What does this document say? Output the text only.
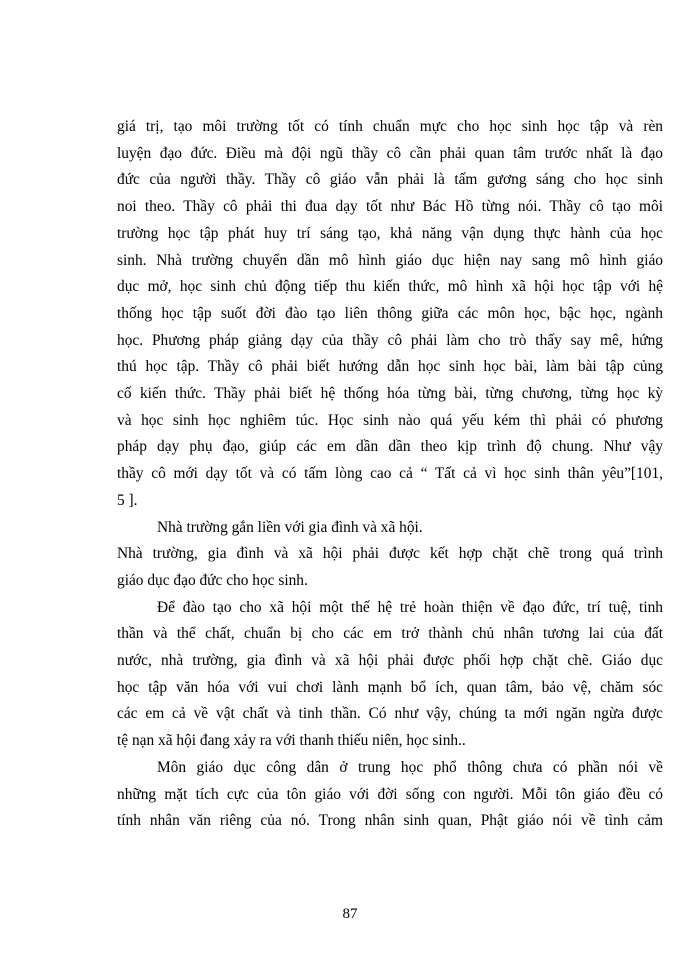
giá trị, tạo môi trường tốt có tính chuẩn mực cho học sinh học tập và rèn
luyện đạo đức. Điều mà đội ngũ thầy cô cần phải quan tâm trước nhất là đạo
đức của người thầy. Thầy cô giáo vẫn phải là tấm gương sáng cho học sinh
noi theo. Thầy cô phải thi đua dạy tốt như Bác Hồ từng nói. Thầy cô tạo môi
trường học tập phát huy trí sáng tạo, khả năng vận dụng thực hành của học
sinh. Nhà trường chuyển dần mô hình giáo dục hiện nay sang mô hình giáo
dục mở, học sinh chủ động tiếp thu kiến thức, mô hình xã hội học tập với hệ
thống học tập suốt đời đào tạo liên thông giữa các môn học, bậc học, ngành
học. Phương pháp giảng dạy của thầy cô phải làm cho trò thấy say mê, hứng
thú học tập. Thầy cô phải biết hướng dẫn học sinh học bài, làm bài tập củng
cố kiến thức. Thầy phải biết hệ thống hóa từng bài, từng chương, từng học kỳ
và học sinh học nghiêm túc. Học sinh nào quá yếu kém thì phải có phương
pháp dạy phụ đạo, giúp các em dần dần theo kịp trình độ chung. Như vậy
thầy cô mới dạy tốt và có tấm lòng cao cả “ Tất cả vì học sinh thân yêu”[101,
5 ].
Nhà trường gắn liền với gia đình và xã hội.
Nhà trường, gia đình và xã hội phải được kết hợp chặt chẽ trong quá trình
giáo dục đạo đức cho học sinh.
Để đào tạo cho xã hội một thế hệ trẻ hoàn thiện về đạo đức, trí tuệ, tinh
thần và thể chất, chuẩn bị cho các em trở thành chủ nhân tương lai của đất
nước, nhà trường, gia đình và xã hội phải được phối hợp chặt chẽ. Giáo dục
học tập văn hóa với vui chơi lành mạnh bổ ích, quan tâm, bảo vệ, chăm sóc
các em cả về vật chất và tinh thần. Có như vậy, chúng ta mới ngăn ngừa được
tệ nạn xã hội đang xảy ra với thanh thiếu niên, học sinh..
Môn giáo dục công dân ở trung học phổ thông chưa có phần nói về
những mặt tích cực của tôn giáo với đời sống con người. Mỗi tôn giáo đều có
tính nhân văn riêng của nó. Trong nhân sinh quan, Phật giáo nói về tình cảm
87
